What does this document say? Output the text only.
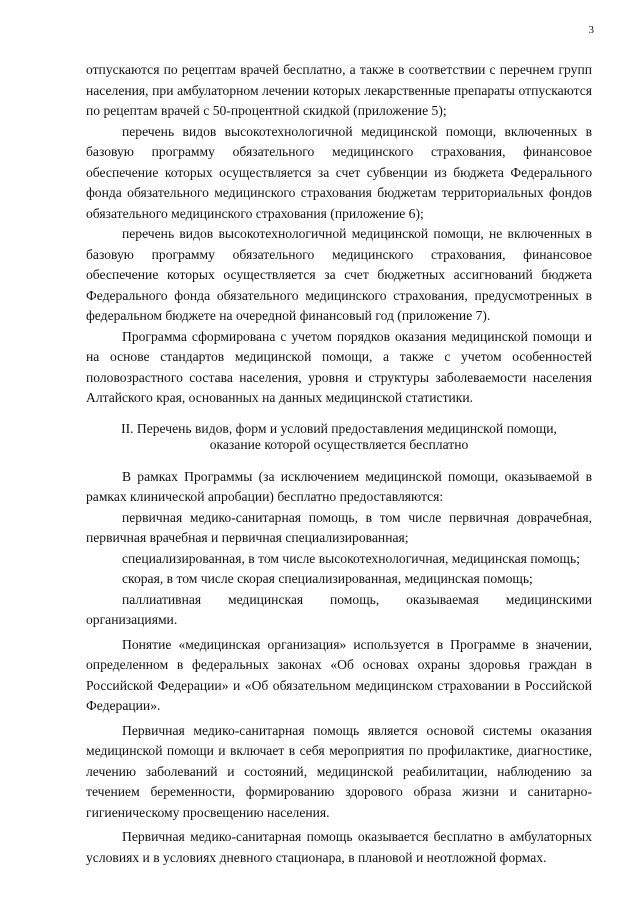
3

отпускаются по рецептам врачей бесплатно, а также в соответствии с перечнем групп населения, при амбулаторном лечении которых лекарственные препараты отпускаются по рецептам врачей с 50-процентной скидкой (приложение 5);

перечень видов высокотехнологичной медицинской помощи, включенных в базовую программу обязательного медицинского страхования, финансовое обеспечение которых осуществляется за счет субвенции из бюджета Федерального фонда обязательного медицинского страхования бюджетам территориальных фондов обязательного медицинского страхования (приложение 6);

перечень видов высокотехнологичной медицинской помощи, не включенных в базовую программу обязательного медицинского страхования, финансовое обеспечение которых осуществляется за счет бюджетных ассигнований бюджета Федерального фонда обязательного медицинского страхования, предусмотренных в федеральном бюджете на очередной финансовый год (приложение 7).

Программа сформирована с учетом порядков оказания медицинской помощи и на основе стандартов медицинской помощи, а также с учетом особенностей половозрастного состава населения, уровня и структуры заболеваемости населения Алтайского края, основанных на данных медицинской статистики.

II. Перечень видов, форм и условий предоставления медицинской помощи, оказание которой осуществляется бесплатно

В рамках Программы (за исключением медицинской помощи, оказываемой в рамках клинической апробации) бесплатно предоставляются:

первичная медико-санитарная помощь, в том числе первичная доврачебная, первичная врачебная и первичная специализированная;

специализированная, в том числе высокотехнологичная, медицинская помощь;

скорая, в том числе скорая специализированная, медицинская помощь;

паллиативная медицинская помощь, оказываемая медицинскими организациями.

Понятие «медицинская организация» используется в Программе в значении, определенном в федеральных законах «Об основах охраны здоровья граждан в Российской Федерации» и «Об обязательном медицинском страховании в Российской Федерации».

Первичная медико-санитарная помощь является основой системы оказания медицинской помощи и включает в себя мероприятия по профилактике, диагностике, лечению заболеваний и состояний, медицинской реабилитации, наблюдению за течением беременности, формированию здорового образа жизни и санитарно-гигиеническому просвещению населения.

Первичная медико-санитарная помощь оказывается бесплатно в амбулаторных условиях и в условиях дневного стационара, в плановой и неотложной формах.
